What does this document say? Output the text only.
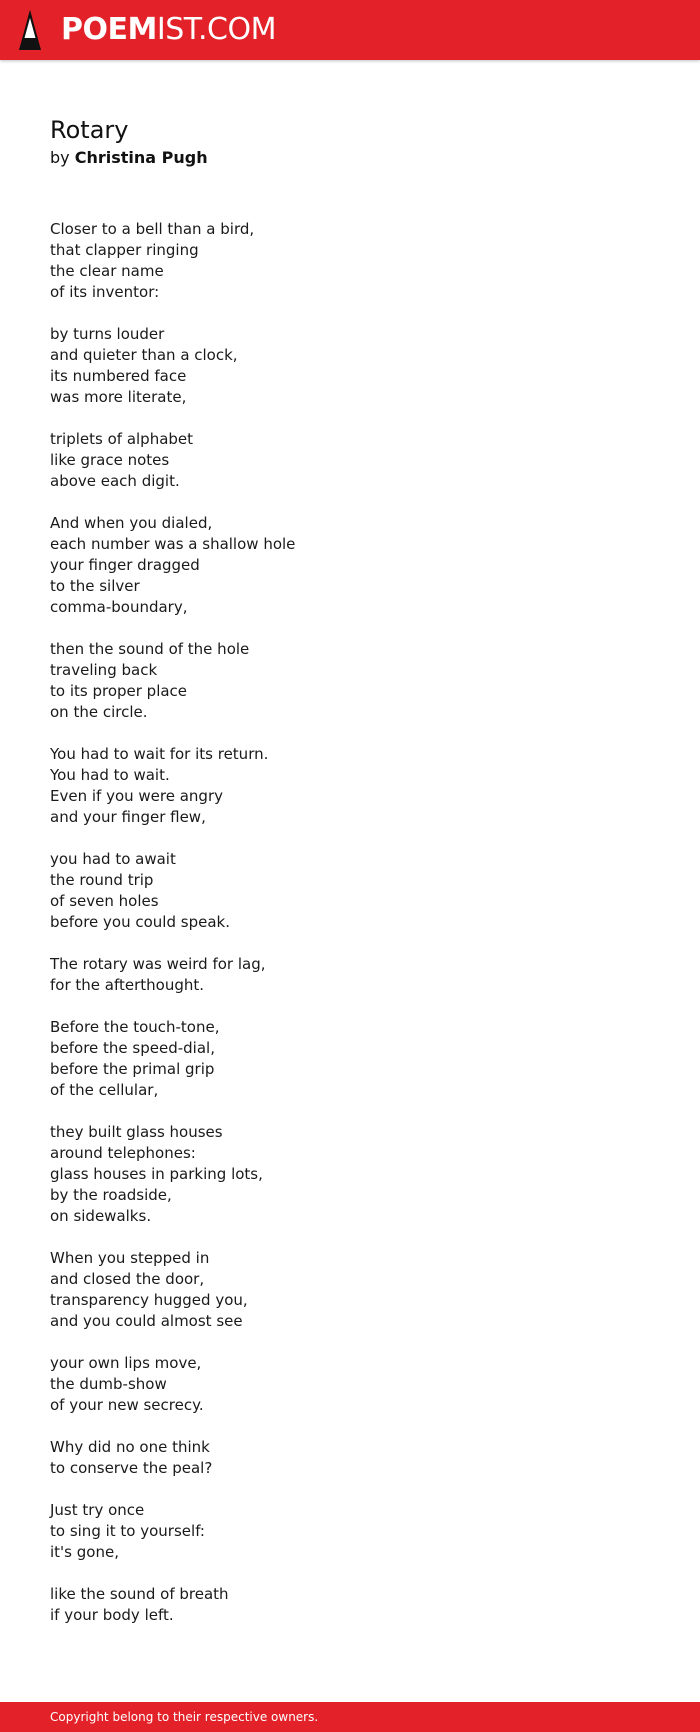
POEMIST.COM
Rotary
by Christina Pugh
Closer to a bell than a bird,
that clapper ringing
the clear name
of its inventor:
by turns louder
and quieter than a clock,
its numbered face
was more literate,
triplets of alphabet
like grace notes
above each digit.
And when you dialed,
each number was a shallow hole
your finger dragged
to the silver
comma-boundary,
then the sound of the hole
traveling back
to its proper place
on the circle.
You had to wait for its return.
You had to wait.
Even if you were angry
and your finger flew,
you had to await
the round trip
of seven holes
before you could speak.
The rotary was weird for lag,
for the afterthought.
Before the touch-tone,
before the speed-dial,
before the primal grip
of the cellular,
they built glass houses
around telephones:
glass houses in parking lots,
by the roadside,
on sidewalks.
When you stepped in
and closed the door,
transparency hugged you,
and you could almost see
your own lips move,
the dumb-show
of your new secrecy.
Why did no one think
to conserve the peal?
Just try once
to sing it to yourself:
it's gone,
like the sound of breath
if your body left.
Copyright belong to their respective owners.
